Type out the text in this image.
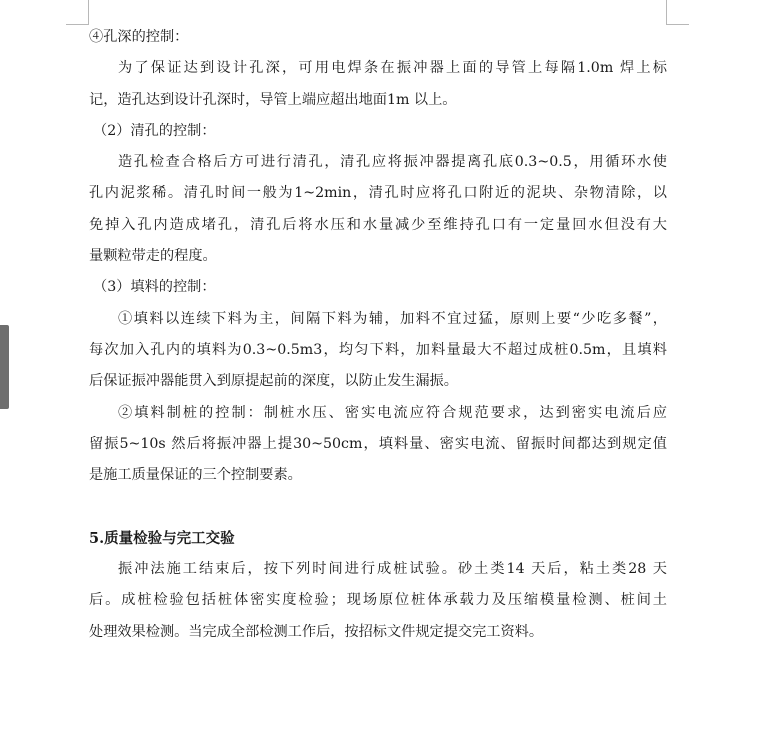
④孔深的控制：
为了保证达到设计孔深，可用电焊条在振冲器上面的导管上每隔1.0m 焊上标
记，造孔达到设计孔深时，导管上端应超出地面1m 以上。
（2）清孔的控制：
造孔检查合格后方可进行清孔，清孔应将振冲器提离孔底0.3~0.5，用循环水使
孔内泥浆稀。清孔时间一般为1~2min，清孔时应将孔口附近的泥块、杂物清除，以
免掉入孔内造成堵孔，清孔后将水压和水量减少至维持孔口有一定量回水但没有大
量颗粒带走的程度。
（3）填料的控制：
①填料以连续下料为主，间隔下料为辅，加料不宜过猛，原则上要“少吃多餐”，
每次加入孔内的填料为0.3~0.5m3，均匀下料，加料量最大不超过成桩0.5m，且填料
后保证振冲器能贯入到原提起前的深度，以防止发生漏振。
②填料制桩的控制：制桩水压、密实电流应符合规范要求，达到密实电流后应
留振5~10s 然后将振冲器上提30~50cm，填料量、密实电流、留振时间都达到规定值
是施工质量保证的三个控制要素。
5.质量检验与完工交验
振冲法施工结束后，按下列时间进行成桩试验。砂土类14 天后，粘土类28 天
后。成桩检验包括桩体密实度检验；现场原位桩体承载力及压缩模量检测、桩间土
处理效果检测。当完成全部检测工作后，按招标文件规定提交完工资料。
